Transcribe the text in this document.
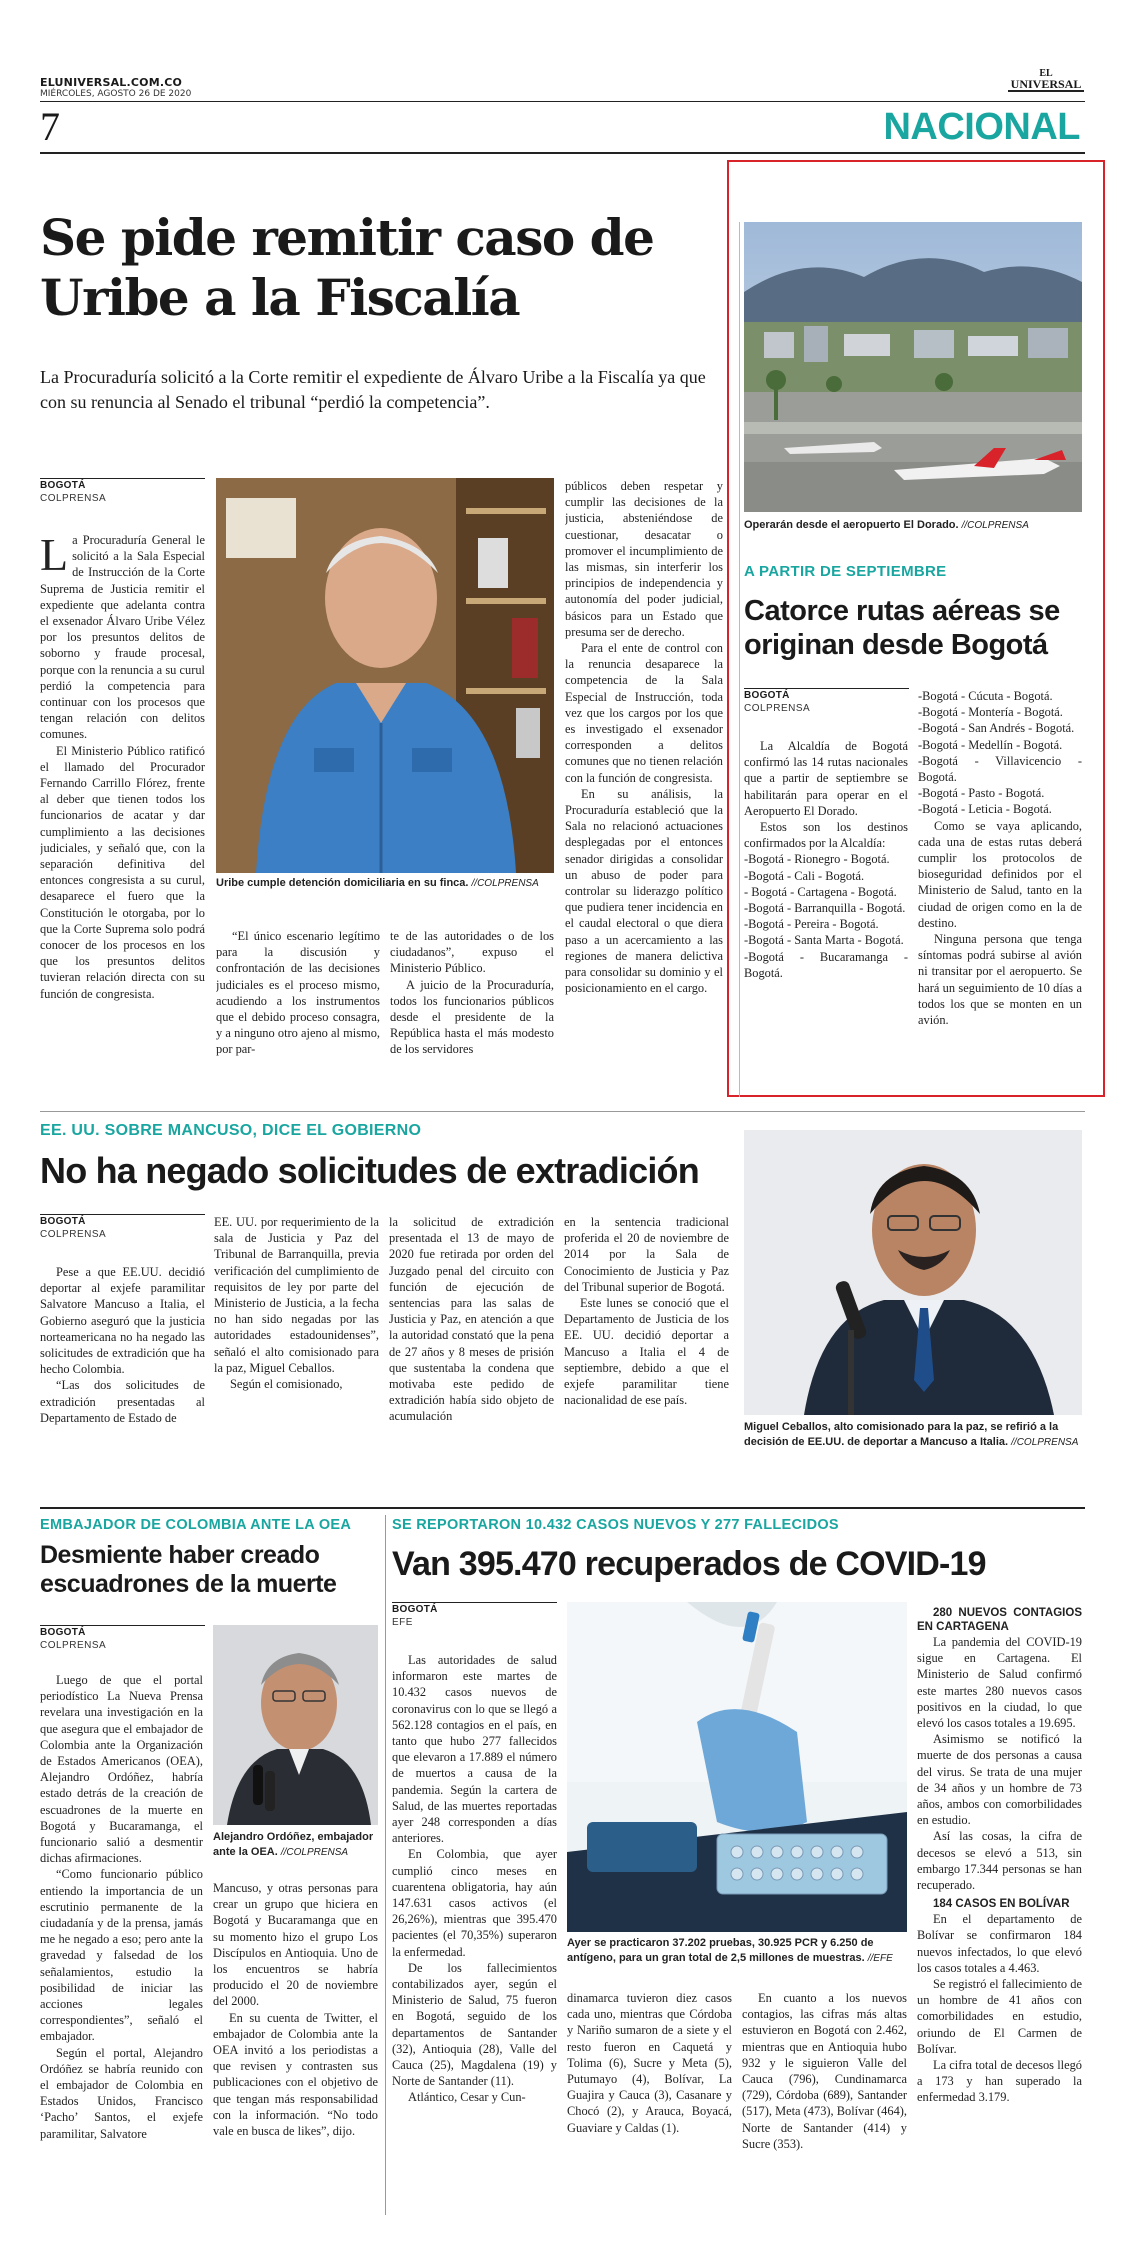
ELUNIVERSAL.COM.CO
MIÉRCOLES, AGOSTO 26 DE 2020
EL
UNIVERSAL
7	NACIONAL
Se pide remitir caso de Uribe a la Fiscalía

La Procuraduría solicitó a la Corte remitir el expediente de Álvaro Uribe a la Fiscalía ya que con su renuncia al Senado el tribunal “perdió la competencia”.

BOGOTÁ
COLPRENSA

La Procuraduría General le solicitó a la Sala Especial de Instrucción de la Corte Suprema de Justicia remitir el expediente que adelanta contra el exsenador Álvaro Uribe Vélez por los presuntos delitos de soborno y fraude procesal, porque con la renuncia a su curul perdió la competencia para continuar con los procesos que tengan relación con delitos comunes.

El Ministerio Público ratificó el llamado del Procurador Fernando Carrillo Flórez, frente al deber que tienen todos los funcionarios de acatar y dar cumplimiento a las decisiones judiciales, y señaló que, con la separación definitiva del entonces congresista a su curul, desaparece el fuero que la Constitución le otorgaba, por lo que la Corte Suprema solo podrá conocer de los procesos en los que los presuntos delitos tuvieran relación directa con su función de congresista.

Uribe cumple detención domiciliaria en su finca. //COLPRENSA

“El único escenario legítimo para la discusión y confrontación de las decisiones judiciales es el proceso mismo, acudiendo a los instrumentos que el debido proceso consagra, y a ninguno otro ajeno al mismo, por par-

te de las autoridades o de los ciudadanos”, expuso el Ministerio Público.

A juicio de la Procuraduría, todos los funcionarios públicos desde el presidente de la República hasta el más modesto de los servidores

públicos deben respetar y cumplir las decisiones de la justicia, absteniéndose de cuestionar, desacatar o promover el incumplimiento de las mismas, sin interferir los principios de independencia y autonomía del poder judicial, básicos para un Estado que presuma ser de derecho.

Para el ente de control con la renuncia desaparece la competencia de la Sala Especial de Instrucción, toda vez que los cargos por los que es investigado el exsenador corresponden a delitos comunes que no tienen relación con la función de congresista.

En su análisis, la Procuraduría estableció que la Sala no relacionó actuaciones desplegadas por el entonces senador dirigidas a consolidar un abuso de poder para controlar su liderazgo político que pudiera tener incidencia en el caudal electoral o que diera paso a un acercamiento a las regiones de manera delictiva para consolidar su dominio y el posicionamiento en el cargo.

Operarán desde el aeropuerto El Dorado. //COLPRENSA
A PARTIR DE SEPTIEMBRE
Catorce rutas aéreas se originan desde Bogotá
BOGOTÁ
COLPRENSA

La Alcaldía de Bogotá confirmó las 14 rutas nacionales que a partir de septiembre se habilitarán para operar en el Aeropuerto El Dorado.

Estos son los destinos confirmados por la Alcaldía:

-Bogotá - Rionegro - Bogotá.

-Bogotá - Cali - Bogotá.

- Bogotá - Cartagena - Bogotá.

-Bogotá - Barranquilla - Bogotá.

-Bogotá - Pereira - Bogotá.

-Bogotá - Santa Marta - Bogotá.

-Bogotá - Bucaramanga - Bogotá.

-Bogotá - Cúcuta - Bogotá.

-Bogotá - Montería - Bogotá.

-Bogotá - San Andrés - Bogotá.

-Bogotá - Medellín - Bogotá.

-Bogotá - Villavicencio - Bogotá.

-Bogotá - Pasto - Bogotá.

-Bogotá - Leticia - Bogotá.

Como se vaya aplicando, cada una de estas rutas deberá cumplir los protocolos de bioseguridad definidos por el Ministerio de Salud, tanto en la ciudad de origen como en la de destino.

Ninguna persona que tenga síntomas podrá subirse al avión ni transitar por el aeropuerto. Se hará un seguimiento de 10 días a todos los que se monten en un avión.

EE. UU. SOBRE MANCUSO, DICE EL GOBIERNO
No ha negado solicitudes de extradición
BOGOTÁ
COLPRENSA

Pese a que EE.UU. decidió deportar al exjefe paramilitar Salvatore Mancuso a Italia, el Gobierno aseguró que la justicia norteamericana no ha negado las solicitudes de extradición que ha hecho Colombia.

“Las dos solicitudes de extradición presentadas al Departamento de Estado de

EE. UU. por requerimiento de la sala de Justicia y Paz del Tribunal de Barranquilla, previa verificación del cumplimiento de requisitos de ley por parte del Ministerio de Justicia, a la fecha no han sido negadas por las autoridades estadounidenses”, señaló el alto comisionado para la paz, Miguel Ceballos.

Según el comisionado,

la solicitud de extradición presentada el 13 de mayo de 2020 fue retirada por orden del Juzgado penal del circuito con función de ejecución de sentencias para las salas de Justicia y Paz, en atención a que la autoridad constató que la pena de 27 años y 8 meses de prisión que sustentaba la condena que motivaba este pedido de extradición había sido objeto de acumulación

en la sentencia tradicional proferida el 20 de noviembre de 2014 por la Sala de Conocimiento de Justicia y Paz del Tribunal superior de Bogotá.

Este lunes se conoció que el Departamento de Justicia de los EE. UU. decidió deportar a Mancuso a Italia el 4 de septiembre, debido a que el exjefe paramilitar tiene nacionalidad de ese país.

Miguel Ceballos, alto comisionado para la paz, se refirió a la decisión de EE.UU. de deportar a Mancuso a Italia. //COLPRENSA
EMBAJADOR DE COLOMBIA ANTE LA OEA
Desmiente haber creado escuadrones de la muerte
BOGOTÁ
COLPRENSA

Luego de que el portal periodístico La Nueva Prensa revelara una investigación en la que asegura que el embajador de Colombia ante la Organización de Estados Americanos (OEA), Alejandro Ordóñez, habría estado detrás de la creación de escuadrones de la muerte en Bogotá y Bucaramanga, el funcionario salió a desmentir dichas afirmaciones.

“Como funcionario público entiendo la importancia de un escrutinio permanente de la ciudadanía y de la prensa, jamás me he negado a eso; pero ante la gravedad y falsedad de los señalamientos, estudio la posibilidad de iniciar las acciones legales correspondientes”, señaló el embajador.

Según el portal, Alejandro Ordóñez se habría reunido con el embajador de Colombia en Estados Unidos, Francisco ‘Pacho’ Santos, el exjefe paramilitar, Salvatore

Alejandro Ordóñez, embajador ante la OEA. //COLPRENSA

Mancuso, y otras personas para crear un grupo que hiciera en Bogotá y Bucaramanga que en su momento hizo el grupo Los Discípulos en Antioquia. Uno de los encuentros se habría producido el 20 de noviembre del 2000.

En su cuenta de Twitter, el embajador de Colombia ante la OEA invitó a los periodistas a que revisen y contrasten sus publicaciones con el objetivo de que tengan más responsabilidad con la información. “No todo vale en busca de likes”, dijo.

SE REPORTARON 10.432 CASOS NUEVOS Y 277 FALLECIDOS
Van 395.470 recuperados de COVID-19
BOGOTÁ
EFE

Las autoridades de salud informaron este martes de 10.432 casos nuevos de coronavirus con lo que se llegó a 562.128 contagios en el país, en tanto que hubo 277 fallecidos que elevaron a 17.889 el número de muertos a causa de la pandemia. Según la cartera de Salud, de las muertes reportadas ayer 248 corresponden a días anteriores.

En Colombia, que ayer cumplió cinco meses en cuarentena obligatoria, hay aún 147.631 casos activos (el 26,26%), mientras que 395.470 pacientes (el 70,35%) superaron la enfermedad.

De los fallecimientos contabilizados ayer, según el Ministerio de Salud, 75 fueron en Bogotá, seguido de los departamentos de Santander (32), Antioquia (28), Valle del Cauca (25), Magdalena (19) y Norte de Santander (11).

Atlántico, Cesar y Cun-

Ayer se practicaron 37.202 pruebas, 30.925 PCR y 6.250 de antígeno, para un gran total de 2,5 millones de muestras. //EFE

dinamarca tuvieron diez casos cada uno, mientras que Córdoba y Nariño sumaron de a siete y el resto fueron en Caquetá y Tolima (6), Sucre y Meta (5), Putumayo (4), Bolívar, La Guajira y Cauca (3), Casanare y Chocó (2), y Arauca, Boyacá, Guaviare y Caldas (1).

En cuanto a los nuevos contagios, las cifras más altas estuvieron en Bogotá con 2.462, mientras que en Antioquia hubo 932 y le siguieron Valle del Cauca (796), Cundinamarca (729), Córdoba (689), Santander (517), Meta (473), Bolívar (464), Norte de Santander (414) y Sucre (353).

280 NUEVOS CONTAGIOS EN CARTAGENA

La pandemia del COVID-19 sigue en Cartagena. El Ministerio de Salud confirmó este martes 280 nuevos casos positivos en la ciudad, lo que elevó los casos totales a 19.695.

Asimismo se notificó la muerte de dos personas a causa del virus. Se trata de una mujer de 34 años y un hombre de 73 años, ambos con comorbilidades en estudio.

Así las cosas, la cifra de decesos se elevó a 513, sin embargo 17.344 personas se han recuperado.

184 CASOS EN BOLÍVAR

En el departamento de Bolívar se confirmaron 184 nuevos infectados, lo que elevó los casos totales a 4.463.

Se registró el fallecimiento de un hombre de 41 años con comorbilidades en estudio, oriundo de El Carmen de Bolívar.

La cifra total de decesos llegó a 173 y han superado la enfermedad 3.179.
